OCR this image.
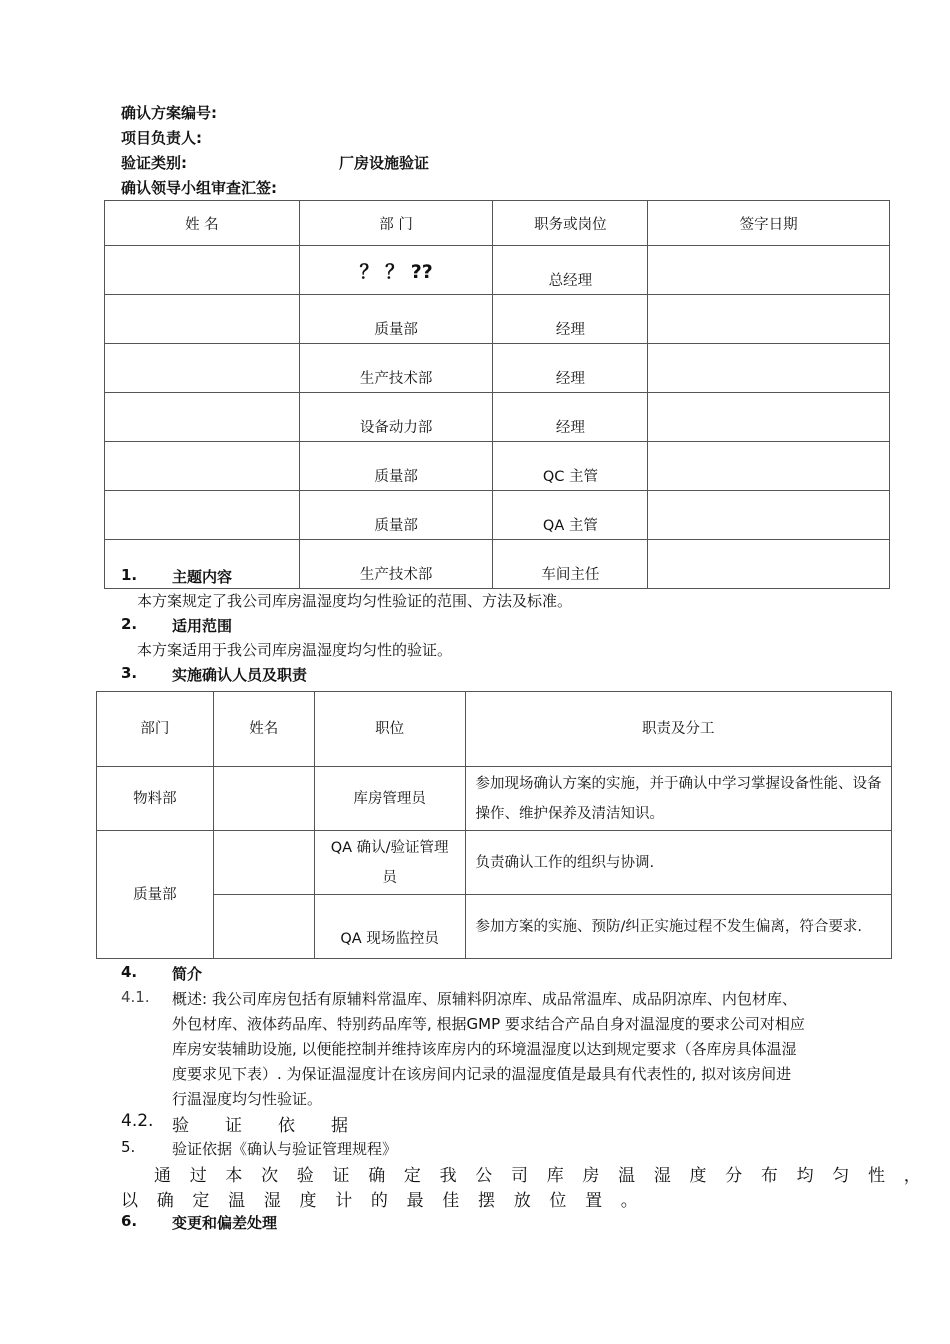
确认方案编号:
项目负责人:
验证类别:	厂房设施验证
确认领导小组审查汇签:
姓 名	部 门	职务或岗位	签字日期
	？ ？ ??	总经理	
	质量部	经理	
	生产技术部	经理	
	设备动力部	经理	
	质量部	QC 主管	
	质量部	QA 主管	
	生产技术部	车间主任	
1. 主题内容
本方案规定了我公司库房温湿度均匀性验证的范围、方法及标准。
2. 适用范围
本方案适用于我公司库房温湿度均匀性的验证。
3. 实施确认人员及职责
部门	姓名	职位	职责及分工
物料部		库房管理员	参加现场确认方案的实施，并于确认中学习掌握设备性能、设备操作、维护保养及清洁知识。
质量部		QA 确认/验证管理员	负责确认工作的组织与协调.
		QA 现场监控员	参加方案的实施、预防/纠正实施过程不发生偏离，符合要求.
4. 简介
4.1. 概述: 我公司库房包括有原辅料常温库、原辅料阴凉库、成品常温库、成品阴凉库、内包材库、
外包材库、液体药品库、特别药品库等, 根据GMP 要求结合产品自身对温湿度的要求公司对相应
库房安装辅助设施, 以便能控制并维持该库房内的环境温湿度以达到规定要求（各库房具体温湿
度要求见下表）. 为保证温湿度计在该房间内记录的温湿度值是最具有代表性的, 拟对该房间进
行温湿度均匀性验证。
4.2. 验 证 依 据
5. 验证依据《确认与验证管理规程》
通过本次验证确定我公司库房温湿度分布均匀性，
以确定温湿度计的最佳摆放位置。
6. 变更和偏差处理
